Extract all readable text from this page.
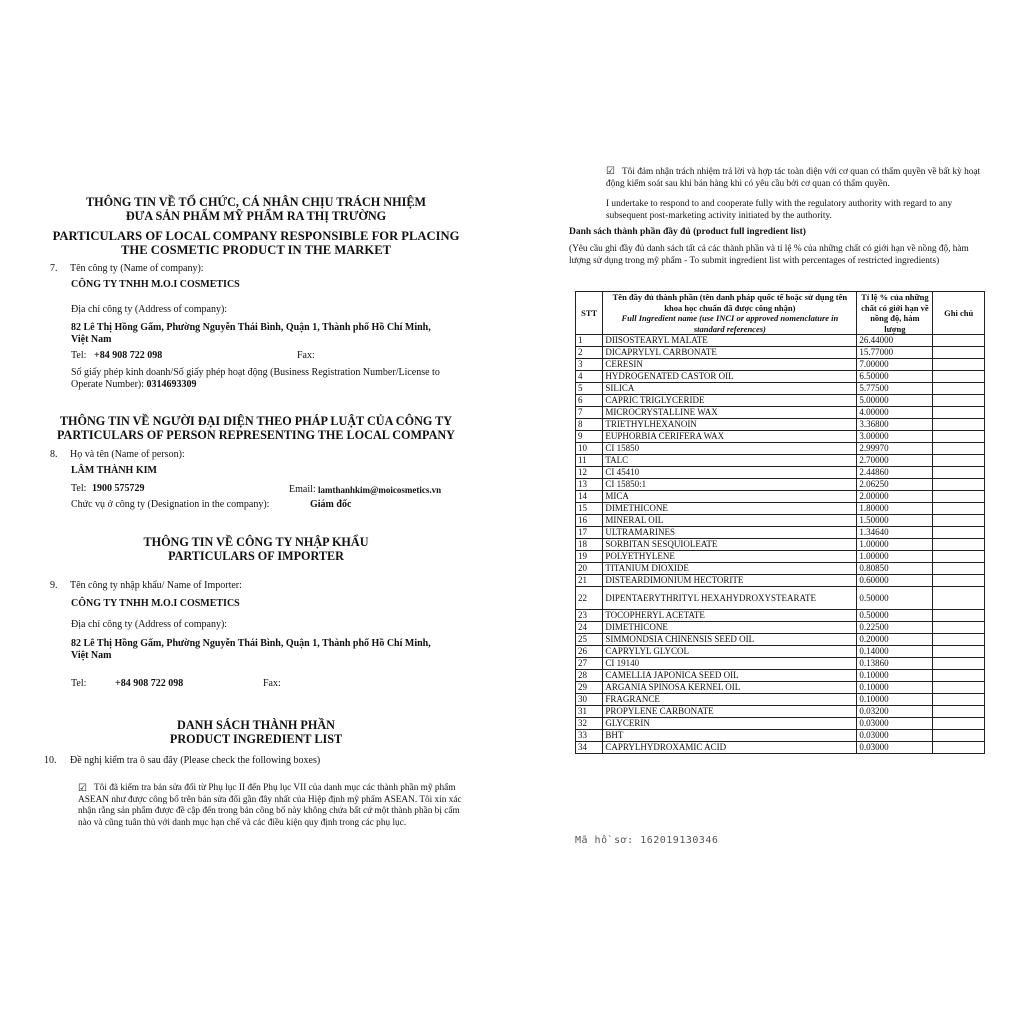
THÔNG TIN VỀ TỔ CHỨC, CÁ NHÂN CHỊU TRÁCH NHIỆM
ĐƯA SẢN PHẨM MỸ PHẨM RA THỊ TRƯỜNG
PARTICULARS OF LOCAL COMPANY RESPONSIBLE FOR PLACING
THE COSMETIC PRODUCT IN THE MARKET
7. Tên công ty (Name of company):
CÔNG TY TNHH M.O.I COSMETICS
Địa chỉ công ty (Address of company):
82 Lê Thị Hồng Gấm, Phường Nguyễn Thái Bình, Quận 1, Thành phố Hồ Chí Minh,
Việt Nam
Tel: +84 908 722 098	Fax:
Số giấy phép kinh doanh/Số giấy phép hoạt động (Business Registration Number/License to
Operate Number): 0314693309
THÔNG TIN VỀ NGƯỜI ĐẠI DIỆN THEO PHÁP LUẬT CỦA CÔNG TY
PARTICULARS OF PERSON REPRESENTING THE LOCAL COMPANY
8. Họ và tên (Name of person):
LÂM THÀNH KIM
Tel: 1900 575729	Email: lamthanhkim@moicosmetics.vn
Chức vụ ở công ty (Designation in the company):	Giám đốc
THÔNG TIN VỀ CÔNG TY NHẬP KHẨU
PARTICULARS OF IMPORTER
9. Tên công ty nhập khẩu/ Name of Importer:
CÔNG TY TNHH M.O.I COSMETICS
Địa chỉ công ty (Address of company):
82 Lê Thị Hồng Gấm, Phường Nguyễn Thái Bình, Quận 1, Thành phố Hồ Chí Minh,
Việt Nam
Tel:	+84 908 722 098	Fax:
DANH SÁCH THÀNH PHẦN
PRODUCT INGREDIENT LIST
10. Đề nghị kiểm tra ô sau đây (Please check the following boxes)
☑ Tôi đã kiểm tra bản sửa đổi từ Phụ lục II đến Phụ lục VII của danh mục các thành phần mỹ phẩm ASEAN như được công bố trên bản sửa đổi gần đây nhất của Hiệp định mỹ phẩm ASEAN. Tôi xin xác nhận rằng sản phẩm được đề cập đến trong bản công bố này không chứa bất cứ một thành phần bị cấm nào và cũng tuân thủ với danh mục hạn chế và các điều kiện quy định trong các phụ lục.
☑ Tôi đảm nhận trách nhiệm trả lời và hợp tác toàn diện với cơ quan có thẩm quyền về bất kỳ hoạt động kiểm soát sau khi bán hàng khi có yêu cầu bởi cơ quan có thẩm quyền.
I undertake to respond to and cooperate fully with the regulatory authority with regard to any subsequent post-marketing activity initiated by the authority.
Danh sách thành phần đầy đủ (product full ingredient list)
(Yêu cầu ghi đầy đủ danh sách tất cả các thành phần và tỉ lệ % của những chất có giới hạn về nồng độ, hàm lượng sử dụng trong mỹ phẩm - To submit ingredient list with percentages of restricted ingredients)
STT	Tên đầy đủ thành phần (tên danh pháp quốc tế hoặc sử dụng tên khoa học chuẩn đã được công nhận)
Full Ingredient name (use INCI or approved nomenclature in standard references)	Tỉ lệ % của những chất có giới hạn về nồng độ, hàm lượng	Ghi chú
1	DIISOSTEARYL MALATE	26.44000	
2	DICAPRYLYL CARBONATE	15.77000	
3	CERESIN	7.00000	
4	HYDROGENATED CASTOR OIL	6.50000	
5	SILICA	5.77500	
6	CAPRIC TRIGLYCERIDE	5.00000	
7	MICROCRYSTALLINE WAX	4.00000	
8	TRIETHYLHEXANOIN	3.36800	
9	EUPHORBIA CERIFERA WAX	3.00000	
10	CI 15850	2.99970	
11	TALC	2.70000	
12	CI 45410	2.44860	
13	CI 15850:1	2.06250	
14	MICA	2.00000	
15	DIMETHICONE	1.80000	
16	MINERAL OIL	1.50000	
17	ULTRAMARINES	1.34640	
18	SORBITAN SESQUIOLEATE	1.00000	
19	POLYETHYLENE	1.00000	
20	TITANIUM DIOXIDE	0.80850	
21	DISTEARDIMONIUM HECTORITE	0.60000	
22	DIPENTAERYTHRITYL HEXAHYDROXYSTEARATE	0.50000	
23	TOCOPHERYL ACETATE	0.50000	
24	DIMETHICONE	0.22500	
25	SIMMONDSIA CHINENSIS SEED OIL	0.20000	
26	CAPRYLYL GLYCOL	0.14000	
27	CI 19140	0.13860	
28	CAMELLIA JAPONICA SEED OIL	0.10000	
29	ARGANIA SPINOSA KERNEL OIL	0.10000	
30	FRAGRANCE	0.10000	
31	PROPYLENE CARBONATE	0.03200	
32	GLYCERIN	0.03000	
33	BHT	0.03000	
34	CAPRYLHYDROXAMIC ACID	0.03000	
Mã hồ sơ: 162019130346
